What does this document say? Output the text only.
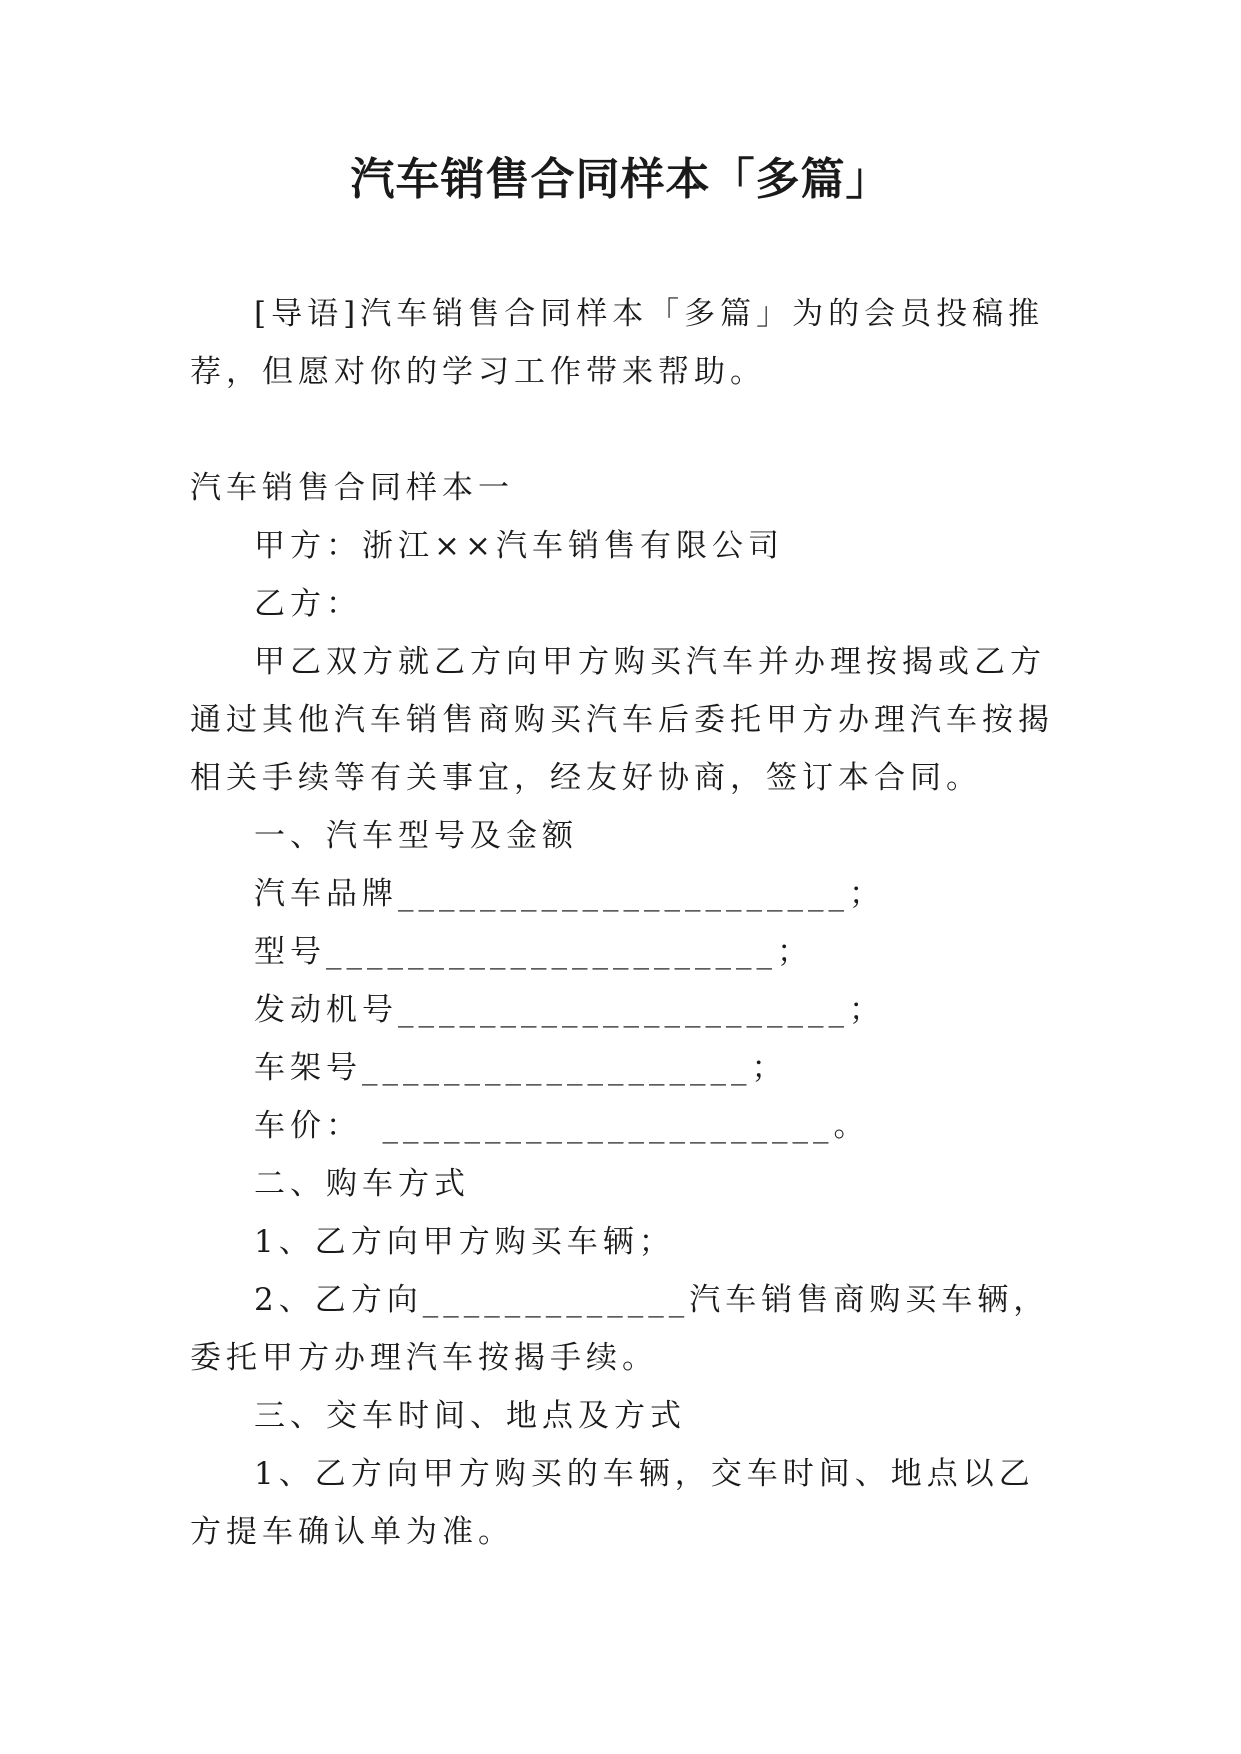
汽车销售合同样本「多篇」

[导语]汽车销售合同样本「多篇」为的会员投稿推荐，但愿对你的学习工作带来帮助。

汽车销售合同样本一

甲方：浙江××汽车销售有限公司

乙方：

甲乙双方就乙方向甲方购买汽车并办理按揭或乙方通过其他汽车销售商购买汽车后委托甲方办理汽车按揭相关手续等有关事宜，经友好协商，签订本合同。

一、汽车型号及金额

汽车品牌______________________；

型号______________________；

发动机号______________________；

车架号___________________；

车价：　______________________。

二、购车方式

1、乙方向甲方购买车辆；

2、乙方向_____________汽车销售商购买车辆，委托甲方办理汽车按揭手续。

三、交车时间、地点及方式

1、乙方向甲方购买的车辆，交车时间、地点以乙方提车确认单为准。
